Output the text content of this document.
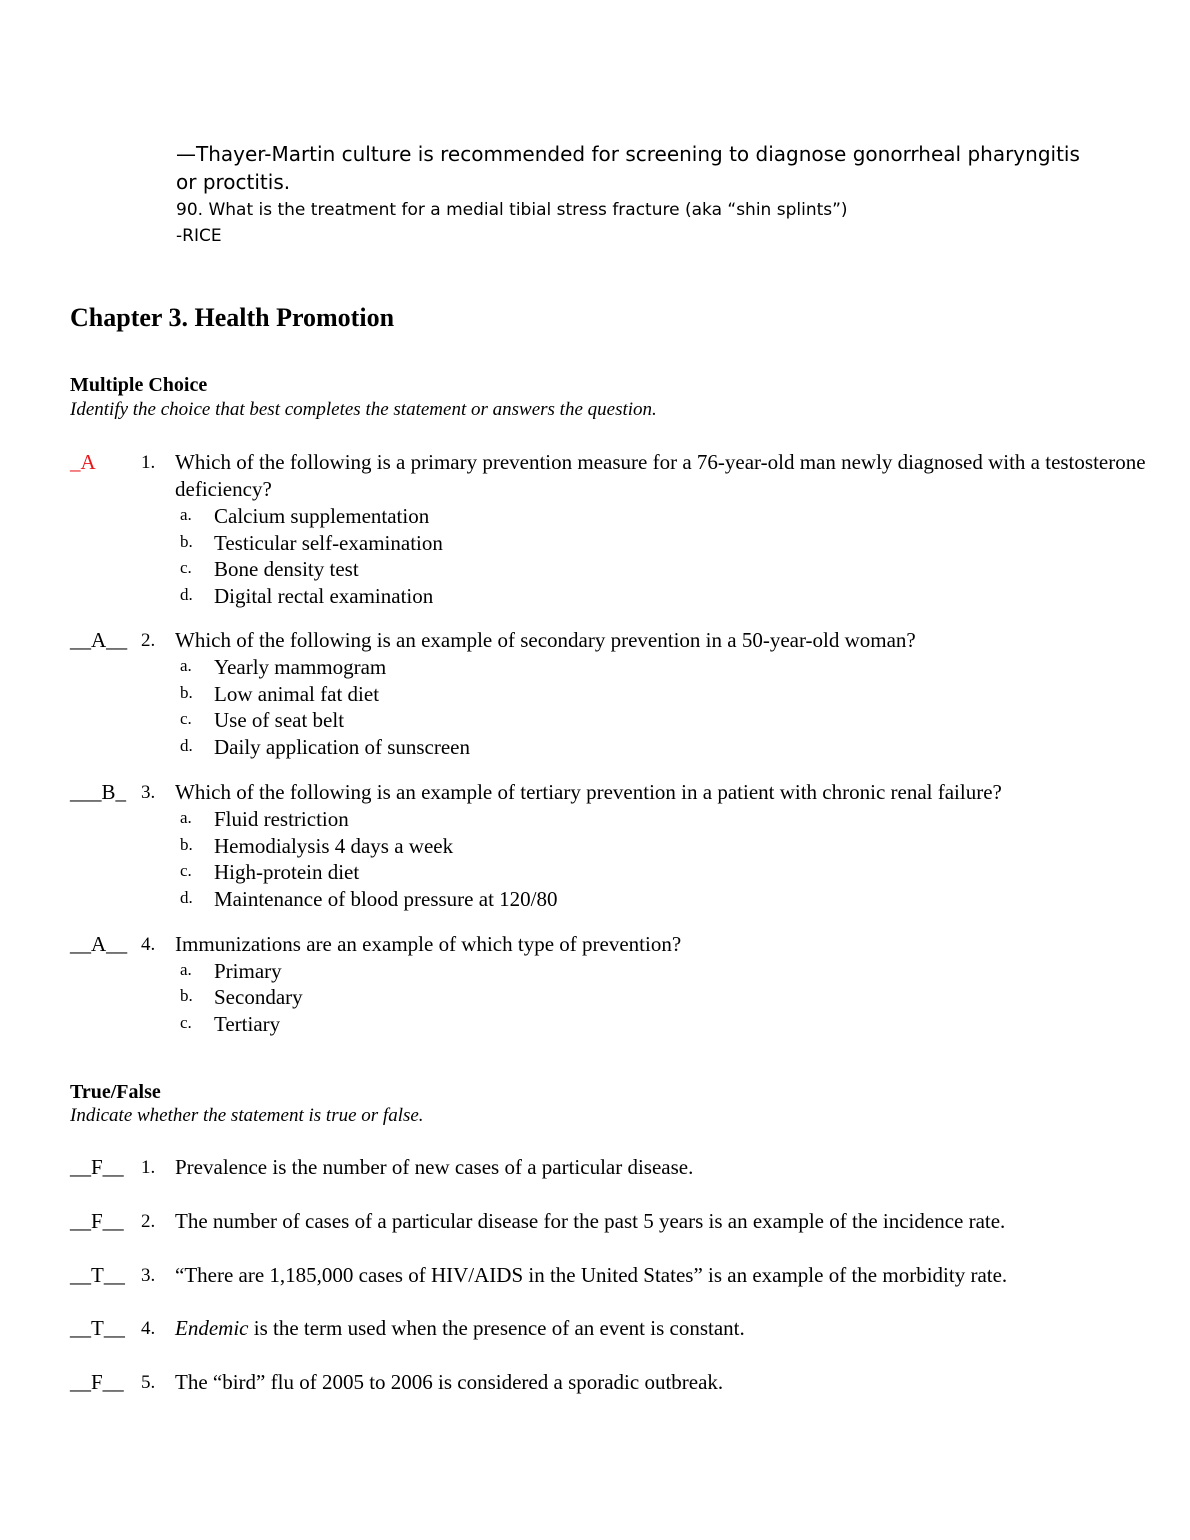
—Thayer-Martin culture is recommended for screening to diagnose gonorrheal pharyngitis or proctitis.
90. What is the treatment for a medial tibial stress fracture (aka “shin splints”)
-RICE
Chapter 3. Health Promotion
Multiple Choice
Identify the choice that best completes the statement or answers the question.
_A 1. Which of the following is a primary prevention measure for a 76-year-old man newly diagnosed with a testosterone deficiency?
a. Calcium supplementation
b. Testicular self-examination
c. Bone density test
d. Digital rectal examination
__A__ 2. Which of the following is an example of secondary prevention in a 50-year-old woman?
a. Yearly mammogram
b. Low animal fat diet
c. Use of seat belt
d. Daily application of sunscreen
___B_ 3. Which of the following is an example of tertiary prevention in a patient with chronic renal failure?
a. Fluid restriction
b. Hemodialysis 4 days a week
c. High-protein diet
d. Maintenance of blood pressure at 120/80
__A__ 4. Immunizations are an example of which type of prevention?
a. Primary
b. Secondary
c. Tertiary
True/False
Indicate whether the statement is true or false.
__F__ 1. Prevalence is the number of new cases of a particular disease.
__F__ 2. The number of cases of a particular disease for the past 5 years is an example of the incidence rate.
__T__ 3. “There are 1,185,000 cases of HIV/AIDS in the United States” is an example of the morbidity rate.
__T__ 4. Endemic is the term used when the presence of an event is constant.
__F__ 5. The “bird” flu of 2005 to 2006 is considered a sporadic outbreak.
